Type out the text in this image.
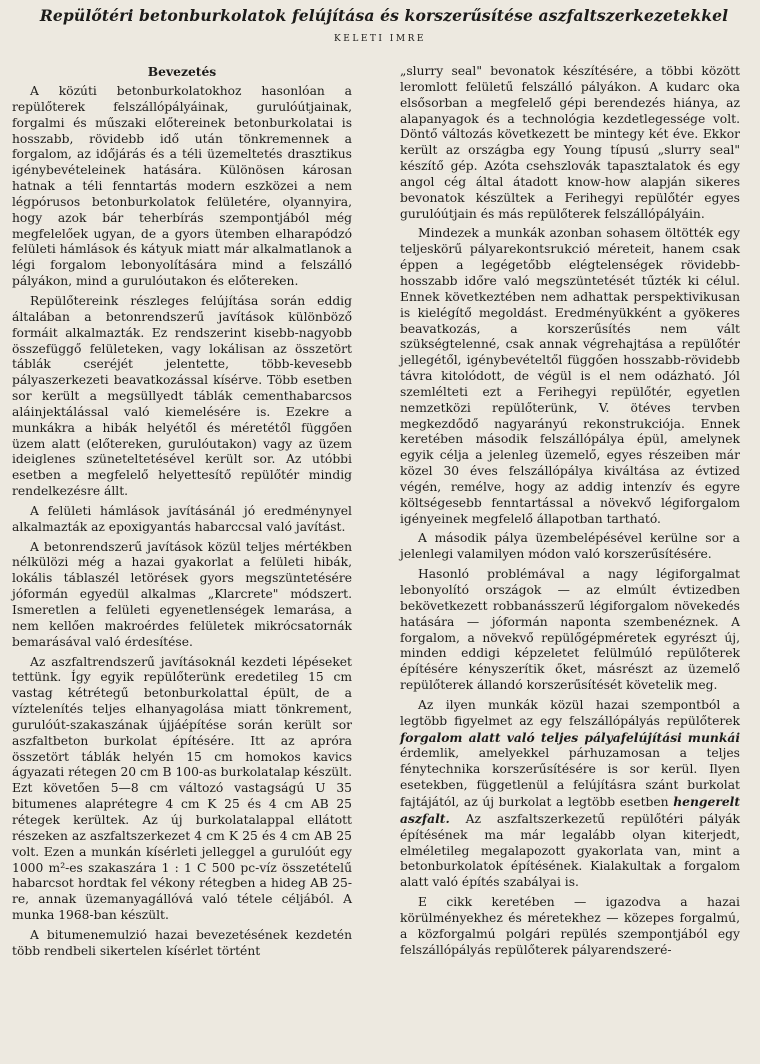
Repülőtéri betonburkolatok felújítása és korszerűsítése aszfaltszerkezetekkel
KELETI IMRE
Bevezetés

A közúti betonburkolatokhoz hasonlóan a repülőterek felszállópályáinak, gurulóútjainak, forgalmi és műszaki előtereinek betonburkolatai is hosszabb, rövidebb idő után tönkremennek a forgalom, az időjárás és a téli üzemeltetés drasztikus igénybevételeinek hatására. Különösen károsan hatnak a téli fenntartás modern eszközei a nem légpórusos betonburkolatok felületére, olyannyira, hogy azok bár teherbírás szempontjából még megfelelőek ugyan, de a gyors ütemben elharapódzó felületi hámlások és kátyuk miatt már alkalmatlanok a légi forgalom lebonyolítására mind a felszálló pályákon, mind a gurulóutakon és előtereken.

Repülőtereink részleges felújítása során eddig általában a betonrendszerű javítások különböző formáit alkalmazták. Ez rendszerint kisebb-nagyobb összefüggő felületeken, vagy lokálisan az összetört táblák cseréjét jelentette, több-kevesebb pályaszerkezeti beavatkozással kísérve. Több esetben sor került a megsüllyedt táblák cementhabarcsos aláinjektálással való kiemelésére is. Ezekre a munkákra a hibák helyétől és méretétől függően üzem alatt (előtereken, gurulóutakon) vagy az üzem ideiglenes szüneteltetésével került sor. Az utóbbi esetben a megfelelő helyettesítő repülőtér mindig rendelkezésre állt.

A felületi hámlások javításánál jó eredménynyel alkalmazták az epoxigyantás habarccsal való javítást.

A betonrendszerű javítások közül teljes mértékben nélkülözi még a hazai gyakorlat a felületi hibák, lokális táblaszél letörések gyors megszüntetésére jóformán egyedül alkalmas „Klarcrete" módszert. Ismeretlen a felületi egyenetlenségek lemarása, a nem kellően makroérdes felületek mikrócsatornák bemarásával való érdesítése.

Az aszfaltrendszerű javításoknál kezdeti lépéseket tettünk. Így egyik repülőterünk eredetileg 15 cm vastag kétrétegű betonburkolattal épült, de a víztelenítés teljes elhanyagolása miatt tönkrement, gurulóút-szakaszának újjáépítése során került sor aszfaltbeton burkolat építésére. Itt az apróra összetört táblák helyén 15 cm homokos kavics ágyazati rétegen 20 cm B 100-as burkolatalap készült. Ezt követően 5—8 cm változó vastagságú U 35 bitumenes alaprétegre 4 cm K 25 és 4 cm AB 25 rétegek kerültek. Az új burkolatalappal ellátott részeken az aszfaltszerkezet 4 cm K 25 és 4 cm AB 25 volt. Ezen a munkán kísérleti jelleggel a gurulóút egy 1000 m²-es szakaszára 1 : 1 C 500 pc-víz összetételű habarcsot hordtak fel vékony rétegben a hideg AB 25-re, annak üzemanyagállóvá való tétele céljából. A munka 1968-ban készült.

A bitumenemulzió hazai bevezetésének kezdetén több rendbeli sikertelen kísérlet történt

„slurry seal" bevonatok készítésére, a többi között leromlott felületű felszálló pályákon. A kudarc oka elsősorban a megfelelő gépi berendezés hiánya, az alapanyagok és a technológia kezdetlegessége volt. Döntő változás következett be mintegy két éve. Ekkor került az országba egy Young típusú „slurry seal" készítő gép. Azóta csehszlovák tapasztalatok és egy angol cég által átadott know-how alapján sikeres bevonatok készültek a Ferihegyi repülőtér egyes gurulóútjain és más repülőterek felszállópályáin.

Mindezek a munkák azonban sohasem öltötték egy teljeskörű pályarekontsrukció méreteit, hanem csak éppen a legégetőbb elégtelenségek rövidebb-hosszabb időre való megszüntetését tűzték ki célul. Ennek következtében nem adhattak perspektivikusan is kielégítő megoldást. Eredményükként a gyökeres beavatkozás, a korszerűsítés nem vált szükségtelenné, csak annak végrehajtása a repülőtér jellegétől, igénybevételtől függően hosszabb-rövidebb távra kitolódott, de végül is el nem odázható. Jól szemlélteti ezt a Ferihegyi repülőtér, egyetlen nemzetközi repülőterünk, V. ötéves tervben megkezdődő nagyarányú rekonstrukciója. Ennek keretében második felszállópálya épül, amelynek egyik célja a jelenleg üzemelő, egyes részeiben már közel 30 éves felszállópálya kiváltása az évtized végén, remélve, hogy az addig intenzív és egyre költségesebb fenntartással a növekvő légiforgalom igényeinek megfelelő állapotban tartható.

A második pálya üzembelépésével kerülne sor a jelenlegi valamilyen módon való korszerűsítésére.

Hasonló problémával a nagy légiforgalmat lebonyolító országok — az elmúlt évtizedben bekövetkezett robbanásszerű légiforgalom növekedés hatására — jóformán naponta szembenéznek. A forgalom, a növekvő repülőgépméretek egyrészt új, minden eddigi képzeletet felülmúló repülőterek építésére kényszerítik őket, másrészt az üzemelő repülőterek állandó korszerűsítését követelik meg.

Az ilyen munkák közül hazai szempontból a legtöbb figyelmet az egy felszállópályás repülőterek forgalom alatt való teljes pályafelújítási munkái érdemlik, amelyekkel párhuzamosan a teljes fénytechnika korszerűsítésére is sor kerül. Ilyen esetekben, függetlenül a felújításra szánt burkolat fajtájától, az új burkolat a legtöbb esetben hengerelt aszfalt. Az aszfaltszerkezetű repülőtéri pályák építésének ma már legalább olyan kiterjedt, elméletileg megalapozott gyakorlata van, mint a betonburkolatok építésének. Kialakultak a forgalom alatt való építés szabályai is.

E cikk keretében — igazodva a hazai körülményekhez és méretekhez — közepes forgalmú, a közforgalmú polgári repülés szempontjából egy felszállópályás repülőterek pályarendszeré-
